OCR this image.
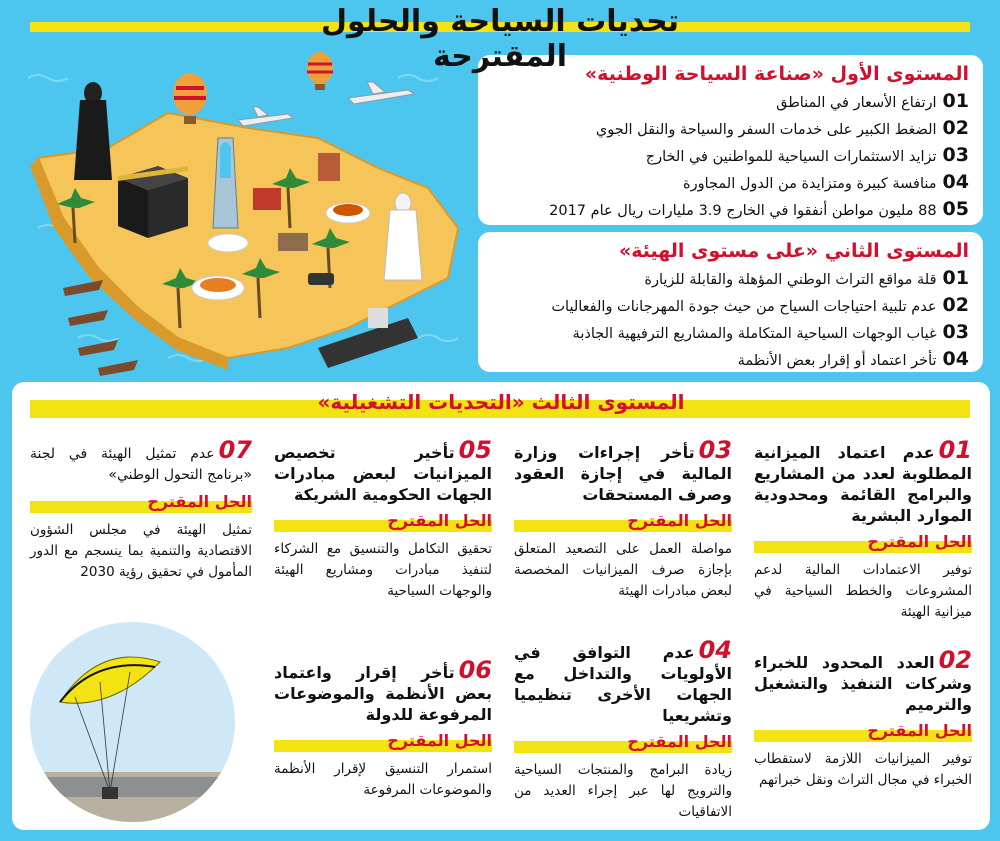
تحديات السياحة والحلول المقترحة المستوى الأول «صناعة السياحة الوطنية»
01
ارتفاع الأسعار في المناطق
02
الضغط الكبير على خدمات السفر والسياحة والنقل الجوي
03
تزايد الاستثمارات السياحية للمواطنين في الخارج
04
منافسة كبيرة ومتزايدة من الدول المجاورة
05
88 مليون مواطن أنفقوا في الخارج 3.9 مليارات ريال عام 2017
المستوى الثاني «على مستوى الهيئة»
01
قلة مواقع التراث الوطني المؤهلة والقابلة للزيارة
02
عدم تلبية احتياجات السياح من حيث جودة المهرجانات والفعاليات
03
غياب الوجهات السياحية المتكاملة والمشاريع الترفيهية الجاذبة
04
تأخر اعتماد أو إقرار بعض الأنظمة
المستوى الثالث «التحديات التشغيلية»
01عدم اعتماد الميزانية المطلوبة لعدد من المشاريع والبرامج القائمة ومحدودية الموارد البشرية
الحل المقترح
توفير الاعتمادات المالية لدعم المشروعات والخطط السياحية في ميزانية الهيئة
02العدد المحدود للخبراء وشركات التنفيذ والتشغيل والترميم
الحل المقترح
توفير الميزانيات اللازمة لاستقطاب الخبراء في مجال التراث ونقل خبراتهم
03تأخر إجراءات وزارة المالية في إجازة العقود وصرف المستحقات
الحل المقترح
مواصلة العمل على التصعيد المتعلق بإجازة صرف الميزانيات المخصصة لبعض مبادرات الهيئة
04عدم التوافق في الأولويات والتداخل مع الجهات الأخرى تنظيميا وتشريعيا
الحل المقترح
زيادة البرامج والمنتجات السياحية والترويج لها عبر إجراء العديد من الاتفاقيات
05تأخير تخصيص الميزانيات لبعض مبادرات الجهات الحكومية الشريكة
الحل المقترح
تحقيق التكامل والتنسيق مع الشركاء لتنفيذ مبادرات ومشاريع الهيئة والوجهات السياحية
06تأخر إقرار واعتماد بعض الأنظمة والموضوعات المرفوعة للدولة
الحل المقترح
استمرار التنسيق لإقرار الأنظمة والموضوعات المرفوعة
07عدم تمثيل الهيئة في لجنة «برنامج التحول الوطني»
الحل المقترح
تمثيل الهيئة في مجلس الشؤون الاقتصادية والتنمية بما ينسجم مع الدور المأمول في تحقيق رؤية 2030
